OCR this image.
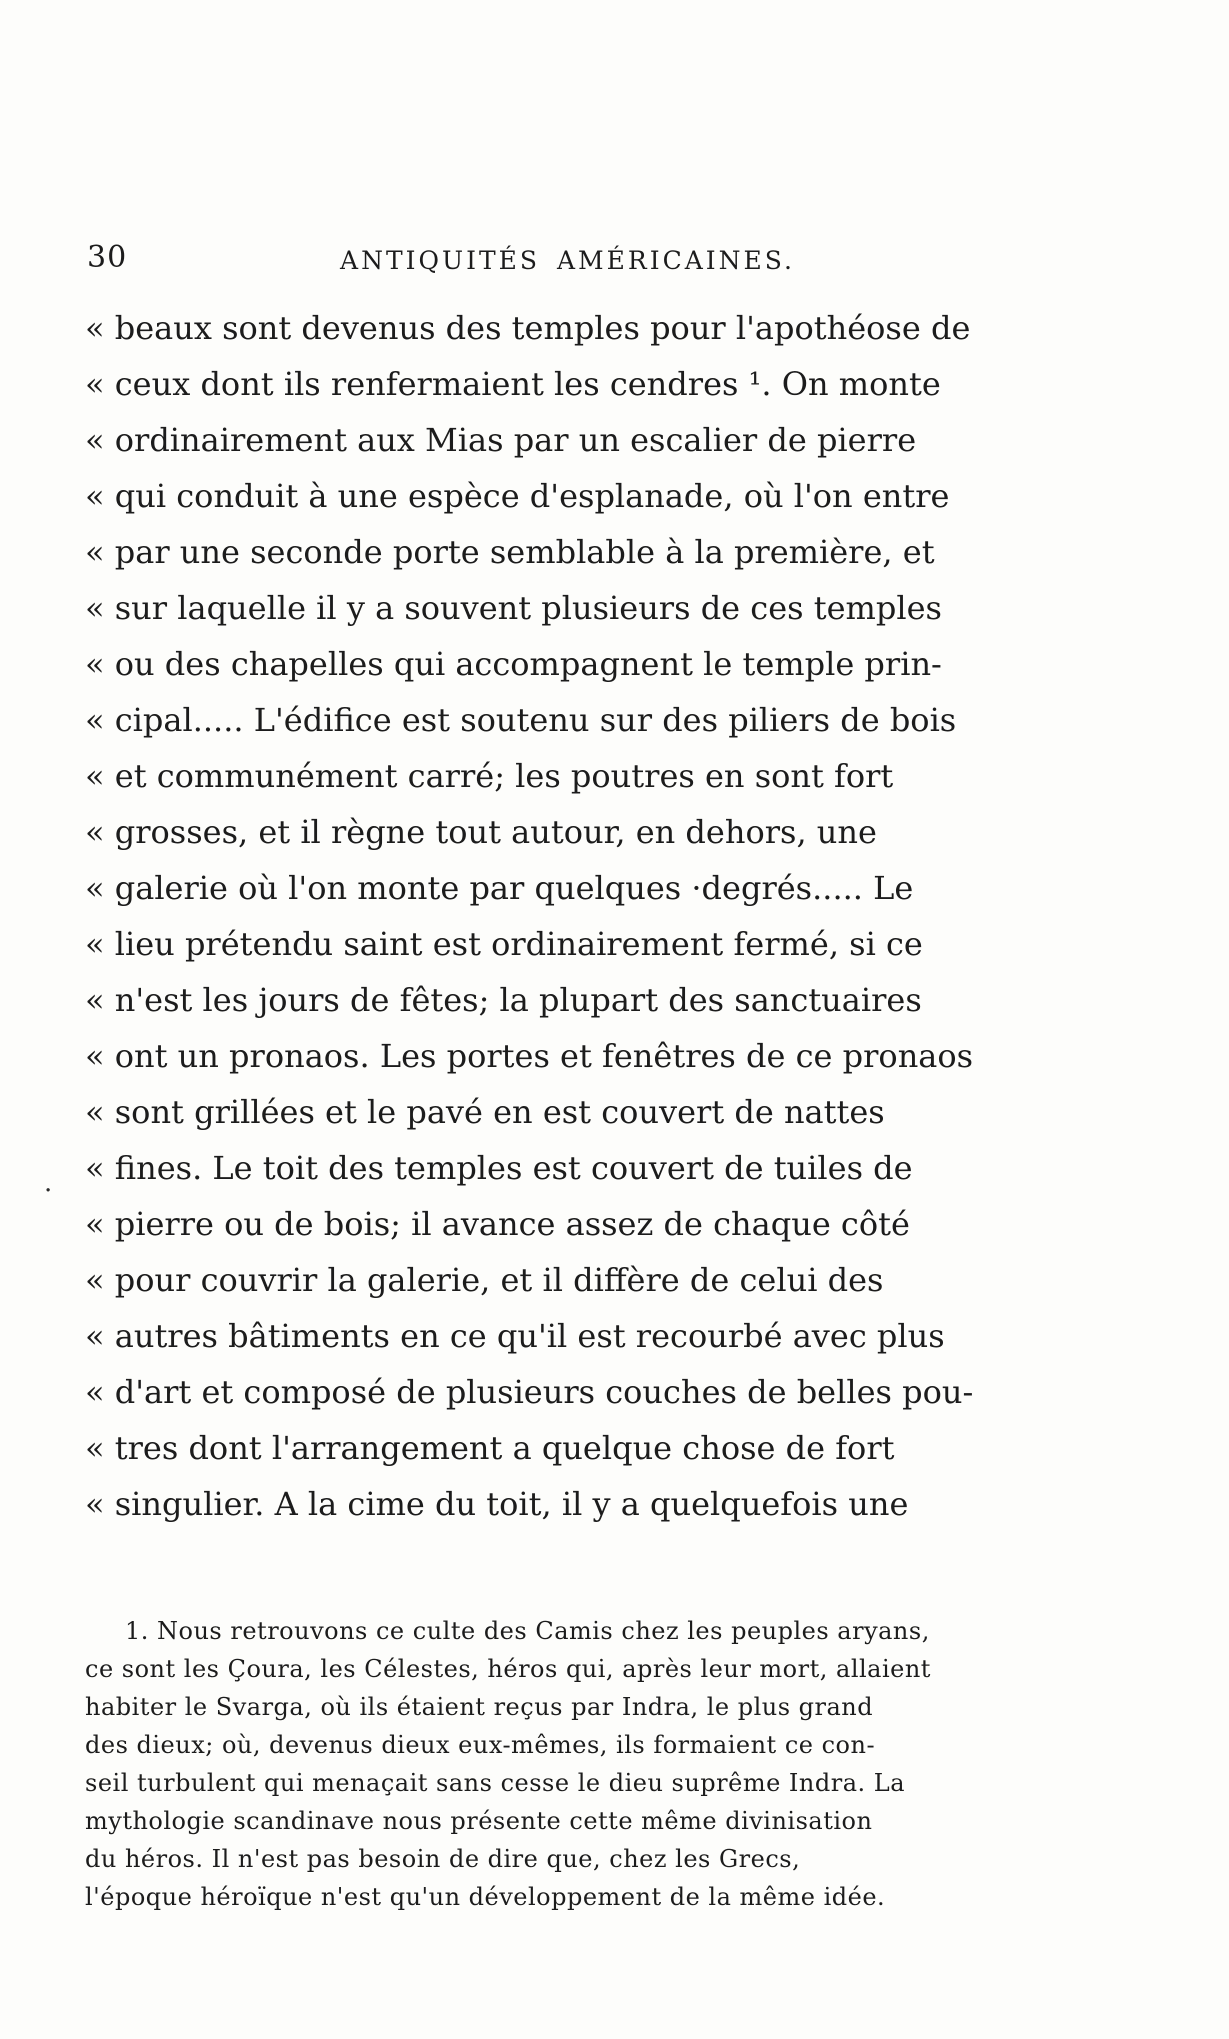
30	ANTIQUITÉS AMÉRICAINES.
« beaux sont devenus des temples pour l'apothéose de
« ceux dont ils renfermaient les cendres ¹. On monte
« ordinairement aux Mias par un escalier de pierre
« qui conduit à une espèce d'esplanade, où l'on entre
« par une seconde porte semblable à la première, et
« sur laquelle il y a souvent plusieurs de ces temples
« ou des chapelles qui accompagnent le temple prin-
« cipal..... L'édifice est soutenu sur des piliers de bois
« et communément carré; les poutres en sont fort
« grosses, et il règne tout autour, en dehors, une
« galerie où l'on monte par quelques ·degrés..... Le
« lieu prétendu saint est ordinairement fermé, si ce
« n'est les jours de fêtes; la plupart des sanctuaires
« ont un pronaos. Les portes et fenêtres de ce pronaos
« sont grillées et le pavé en est couvert de nattes
« fines. Le toit des temples est couvert de tuiles de
« pierre ou de bois; il avance assez de chaque côté
« pour couvrir la galerie, et il diffère de celui des
« autres bâtiments en ce qu'il est recourbé avec plus
« d'art et composé de plusieurs couches de belles pou-
« tres dont l'arrangement a quelque chose de fort
« singulier. A la cime du toit, il y a quelquefois une
·
1. Nous retrouvons ce culte des Camis chez les peuples aryans,
ce sont les Çoura, les Célestes, héros qui, après leur mort, allaient
habiter le Svarga, où ils étaient reçus par Indra, le plus grand
des dieux; où, devenus dieux eux-mêmes, ils formaient ce con-
seil turbulent qui menaçait sans cesse le dieu suprême Indra. La
mythologie scandinave nous présente cette même divinisation
du héros. Il n'est pas besoin de dire que, chez les Grecs,
l'époque héroïque n'est qu'un développement de la même idée.
